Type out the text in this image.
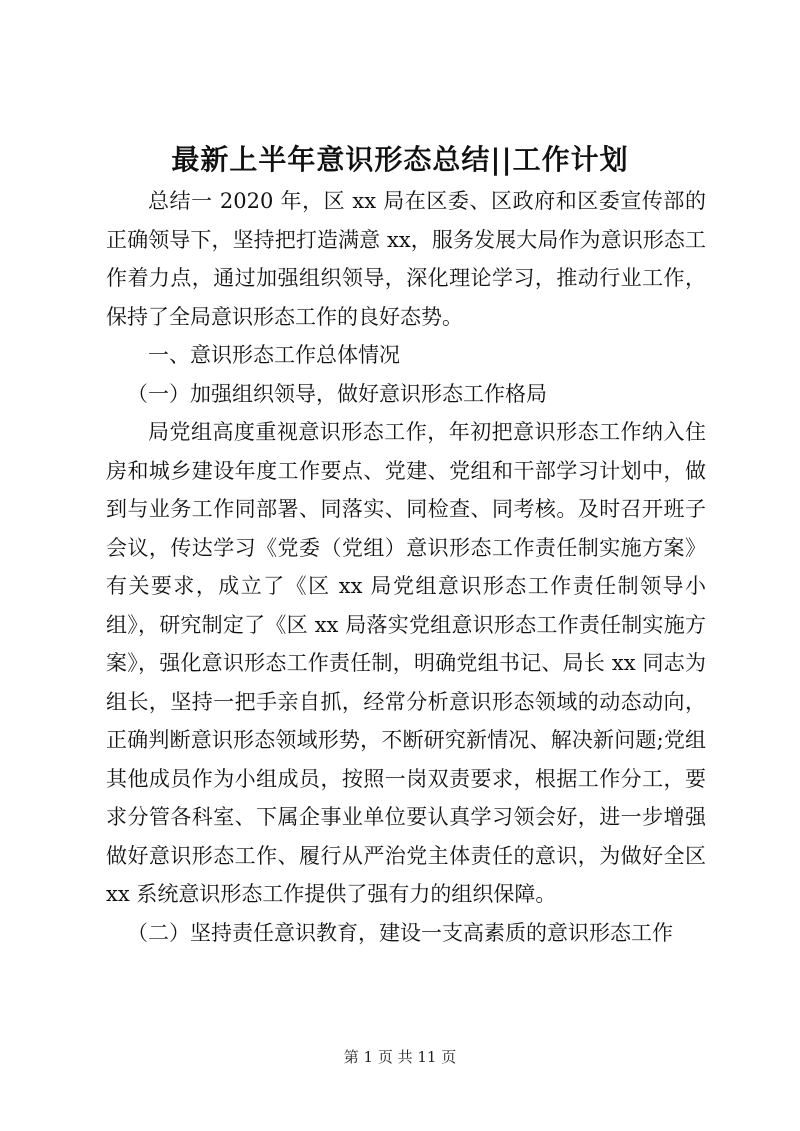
最新上半年意识形态总结||工作计划

总结一 2020 年，区 xx 局在区委、区政府和区委宣传部的正确领导下，坚持把打造满意 xx，服务发展大局作为意识形态工作着力点，通过加强组织领导，深化理论学习，推动行业工作，保持了全局意识形态工作的良好态势。

一、意识形态工作总体情况

（一）加强组织领导，做好意识形态工作格局

局党组高度重视意识形态工作，年初把意识形态工作纳入住房和城乡建设年度工作要点、党建、党组和干部学习计划中，做到与业务工作同部署、同落实、同检查、同考核。及时召开班子会议，传达学习《党委（党组）意识形态工作责任制实施方案》有关要求，成立了《区 xx 局党组意识形态工作责任制领导小组》，研究制定了《区 xx 局落实党组意识形态工作责任制实施方案》，强化意识形态工作责任制，明确党组书记、局长 xx 同志为组长，坚持一把手亲自抓，经常分析意识形态领域的动态动向，正确判断意识形态领域形势，不断研究新情况、解决新问题;党组其他成员作为小组成员，按照一岗双责要求，根据工作分工，要求分管各科室、下属企事业单位要认真学习领会好，进一步增强做好意识形态工作、履行从严治党主体责任的意识，为做好全区 xx 系统意识形态工作提供了强有力的组织保障。

（二）坚持责任意识教育，建设一支高素质的意识形态工作

第 1 页 共 11 页
